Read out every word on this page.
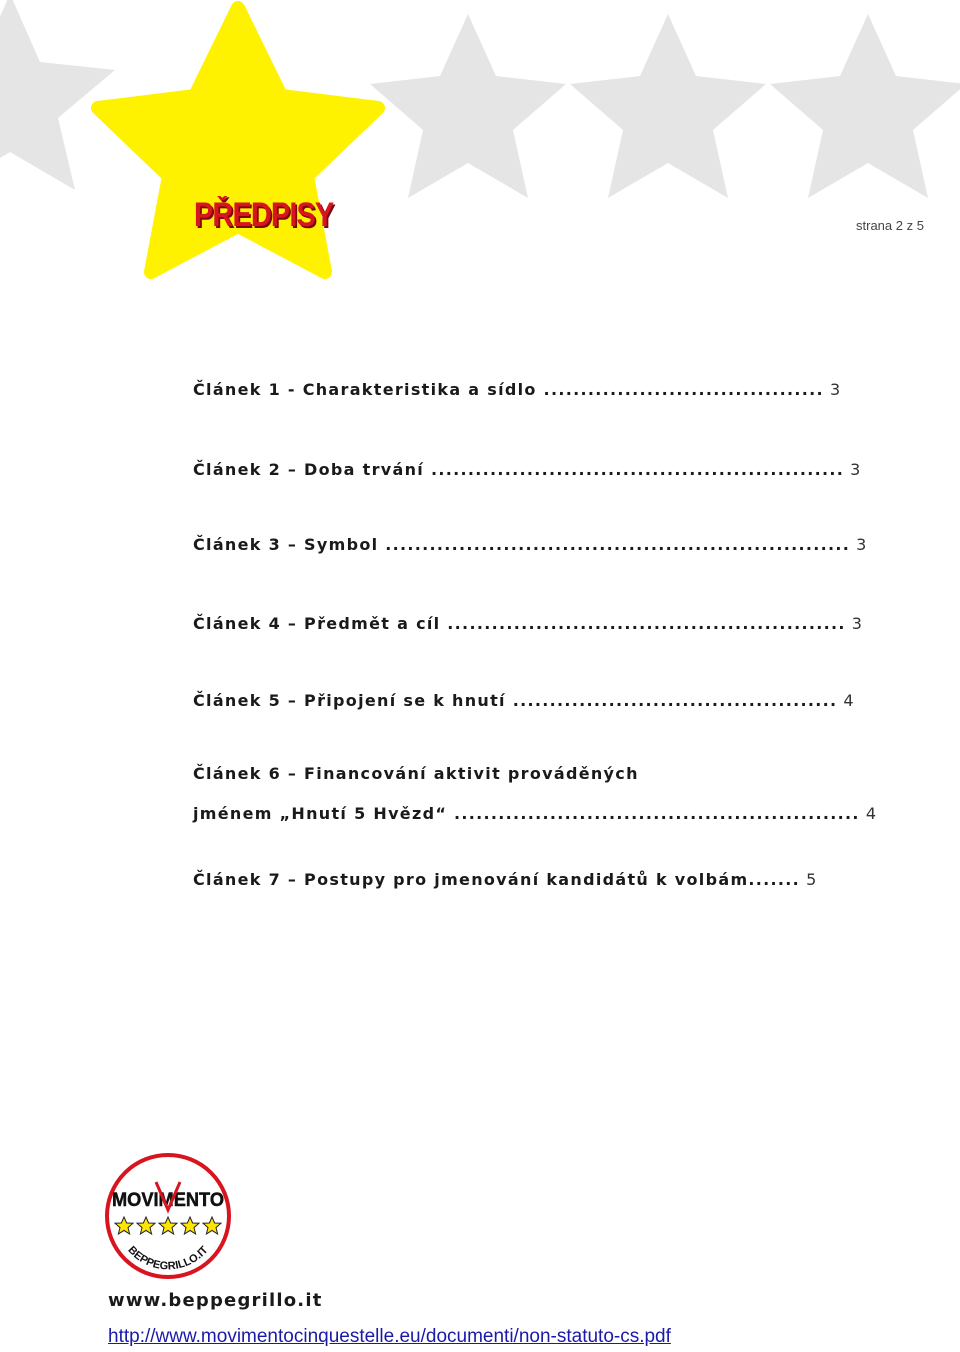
PŘEDPISY	strana 2 z 5
Článek 1 - Charakteristika a sídlo ...................................... 3
Článek 2 – Doba trvání ........................................................ 3
Článek 3 – Symbol ............................................................... 3
Článek 4 – Předmět a cíl ...................................................... 3
Článek 5 – Připojení se k hnutí ............................................ 4
Článek 6 – Financování aktivit prováděných
jménem „Hnutí 5 Hvězd“ ....................................................... 4
Článek 7 – Postupy pro jmenování kandidátů k volbám....... 5
MOVIMENTO
BEPPEGRILLO.IT
www.beppegrillo.it
http://www.movimentocinquestelle.eu/documenti/non-statuto-cs.pdf
